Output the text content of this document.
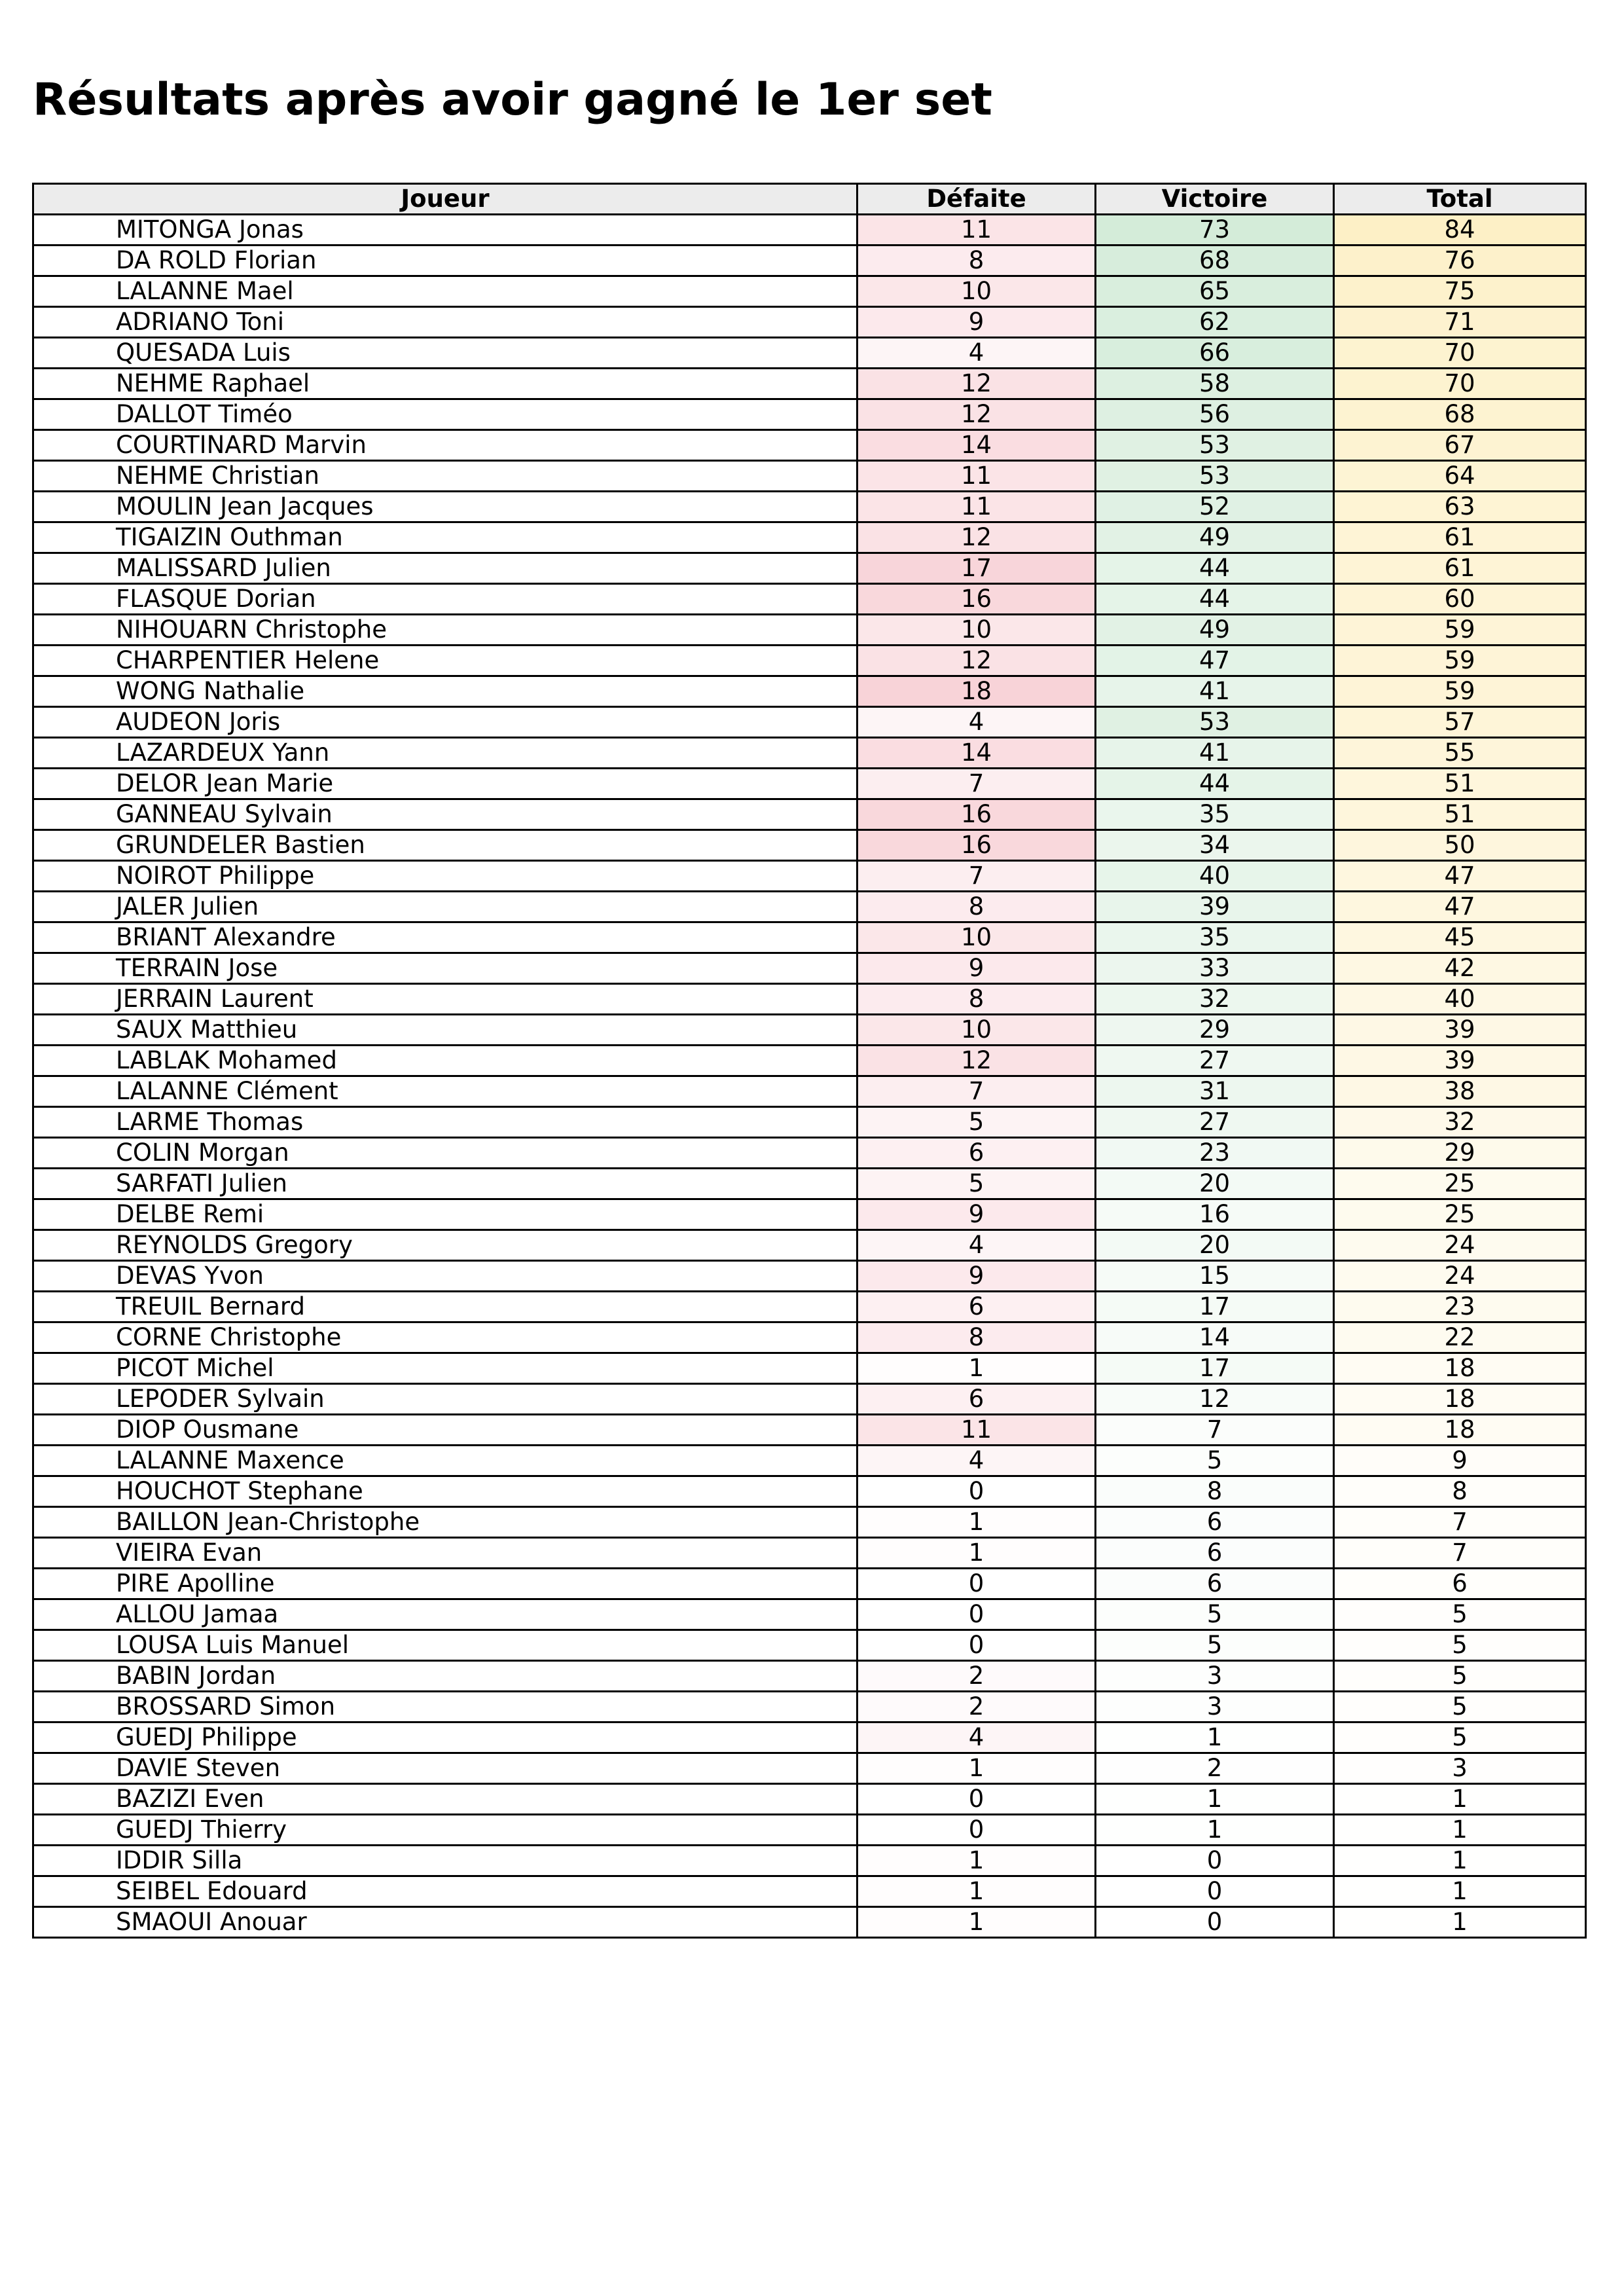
Résultats après avoir gagné le 1er set
Joueur	Défaite	Victoire	Total
MITONGA Jonas	11	73	84
DA ROLD Florian	8	68	76
LALANNE Mael	10	65	75
ADRIANO Toni	9	62	71
QUESADA Luis	4	66	70
NEHME Raphael	12	58	70
DALLOT Timéo	12	56	68
COURTINARD Marvin	14	53	67
NEHME Christian	11	53	64
MOULIN Jean Jacques	11	52	63
TIGAIZIN Outhman	12	49	61
MALISSARD Julien	17	44	61
FLASQUE Dorian	16	44	60
NIHOUARN Christophe	10	49	59
CHARPENTIER Helene	12	47	59
WONG Nathalie	18	41	59
AUDEON Joris	4	53	57
LAZARDEUX Yann	14	41	55
DELOR Jean Marie	7	44	51
GANNEAU Sylvain	16	35	51
GRUNDELER Bastien	16	34	50
NOIROT Philippe	7	40	47
JALER Julien	8	39	47
BRIANT Alexandre	10	35	45
TERRAIN Jose	9	33	42
JERRAIN Laurent	8	32	40
SAUX Matthieu	10	29	39
LABLAK Mohamed	12	27	39
LALANNE Clément	7	31	38
LARME Thomas	5	27	32
COLIN Morgan	6	23	29
SARFATI Julien	5	20	25
DELBE Remi	9	16	25
REYNOLDS Gregory	4	20	24
DEVAS Yvon	9	15	24
TREUIL Bernard	6	17	23
CORNE Christophe	8	14	22
PICOT Michel	1	17	18
LEPODER Sylvain	6	12	18
DIOP Ousmane	11	7	18
LALANNE Maxence	4	5	9
HOUCHOT Stephane	0	8	8
BAILLON Jean-Christophe	1	6	7
VIEIRA Evan	1	6	7
PIRE Apolline	0	6	6
ALLOU Jamaa	0	5	5
LOUSA Luis Manuel	0	5	5
BABIN Jordan	2	3	5
BROSSARD Simon	2	3	5
GUEDJ Philippe	4	1	5
DAVIE Steven	1	2	3
BAZIZI Even	0	1	1
GUEDJ Thierry	0	1	1
IDDIR Silla	1	0	1
SEIBEL Edouard	1	0	1
SMAOUI Anouar	1	0	1
